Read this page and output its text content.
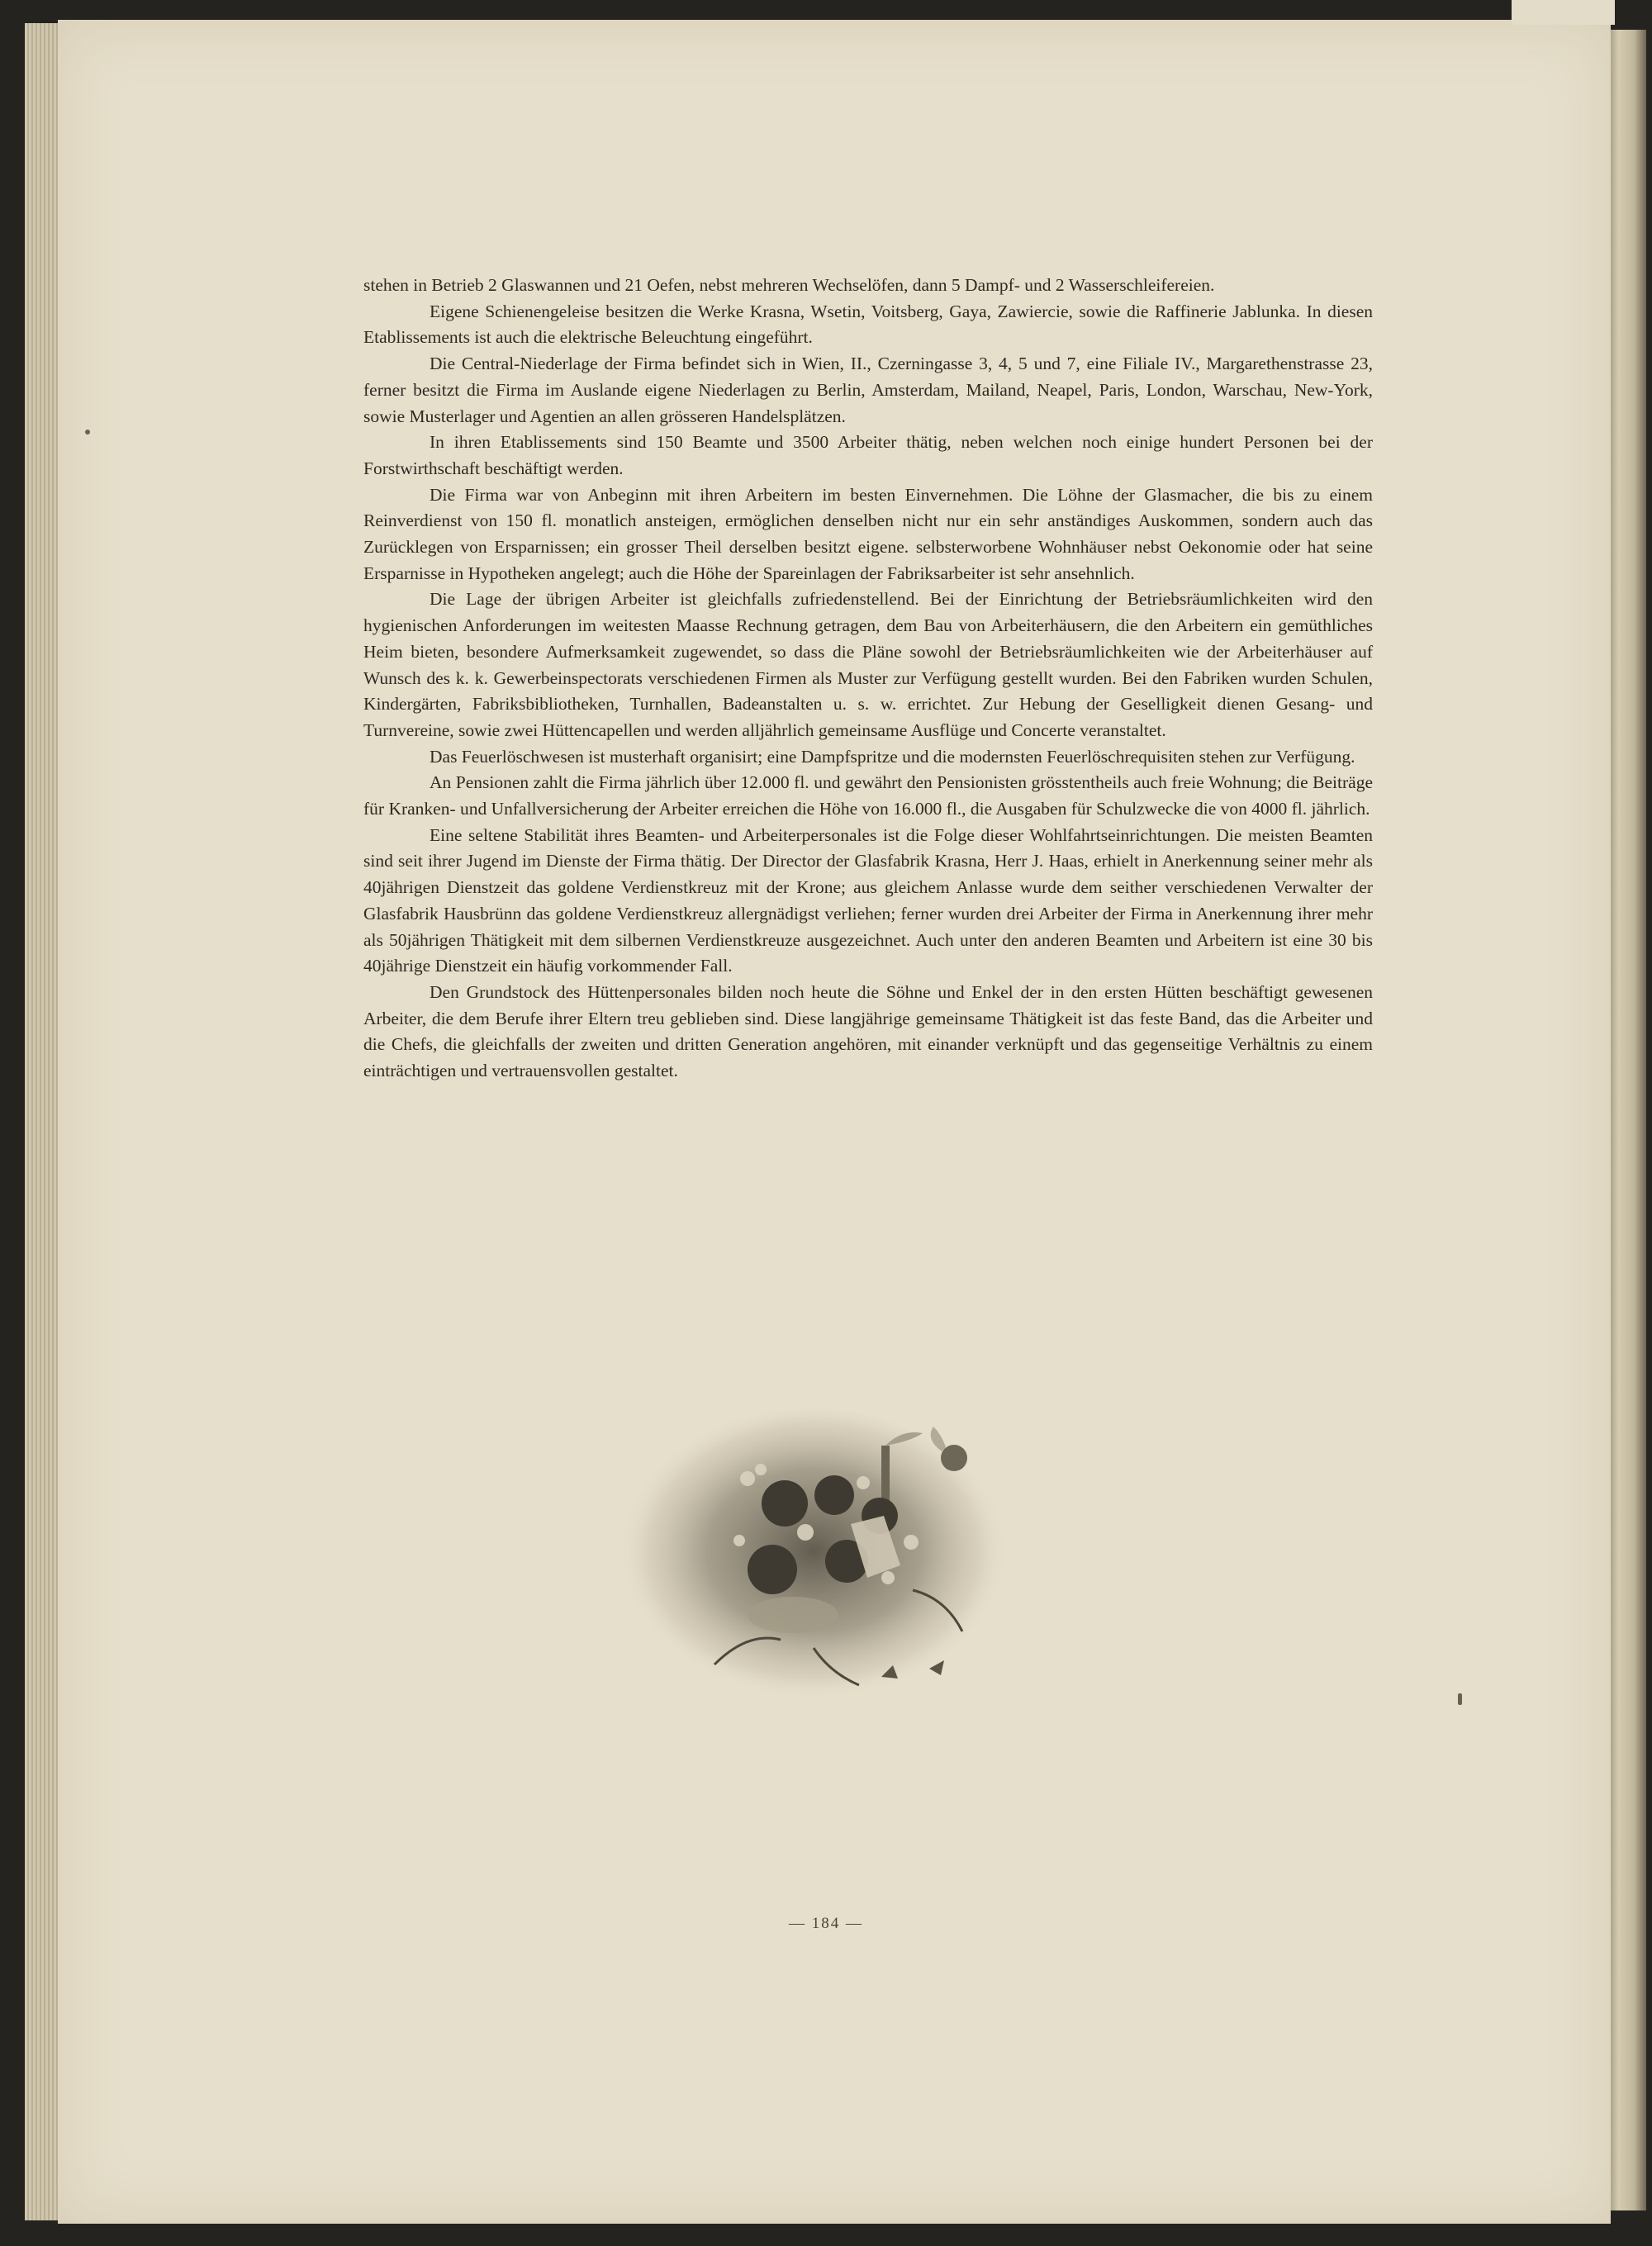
stehen in Betrieb 2 Glaswannen und 21 Oefen, nebst mehreren Wechselöfen, dann 5 Dampf- und 2 Wasserschleifereien.

Eigene Schienengeleise besitzen die Werke Krasna, Wsetin, Voitsberg, Gaya, Zawiercie, sowie die Raffinerie Jablunka. In diesen Etablissements ist auch die elektrische Beleuchtung eingeführt.

Die Central-Niederlage der Firma befindet sich in Wien, II., Czerningasse 3, 4, 5 und 7, eine Filiale IV., Margarethenstrasse 23, ferner besitzt die Firma im Auslande eigene Niederlagen zu Berlin, Amsterdam, Mailand, Neapel, Paris, London, Warschau, New-York, sowie Musterlager und Agentien an allen grösseren Handelsplätzen.

In ihren Etablissements sind 150 Beamte und 3500 Arbeiter thätig, neben welchen noch einige hundert Personen bei der Forstwirthschaft beschäftigt werden.

Die Firma war von Anbeginn mit ihren Arbeitern im besten Einvernehmen. Die Löhne der Glasmacher, die bis zu einem Reinverdienst von 150 fl. monatlich ansteigen, ermöglichen denselben nicht nur ein sehr anständiges Auskommen, sondern auch das Zurücklegen von Ersparnissen; ein grosser Theil derselben besitzt eigene. selbsterworbene Wohnhäuser nebst Oekonomie oder hat seine Ersparnisse in Hypotheken angelegt; auch die Höhe der Spareinlagen der Fabriksarbeiter ist sehr ansehnlich.

Die Lage der übrigen Arbeiter ist gleichfalls zufriedenstellend. Bei der Einrichtung der Betriebsräumlichkeiten wird den hygienischen Anforderungen im weitesten Maasse Rechnung getragen, dem Bau von Arbeiterhäusern, die den Arbeitern ein gemüthliches Heim bieten, besondere Aufmerksamkeit zugewendet, so dass die Pläne sowohl der Betriebsräumlichkeiten wie der Arbeiterhäuser auf Wunsch des k. k. Gewerbeinspectorats verschiedenen Firmen als Muster zur Verfügung gestellt wurden. Bei den Fabriken wurden Schulen, Kindergärten, Fabriksbibliotheken, Turnhallen, Badeanstalten u. s. w. errichtet. Zur Hebung der Geselligkeit dienen Gesang- und Turnvereine, sowie zwei Hüttencapellen und werden alljährlich gemeinsame Ausflüge und Concerte veranstaltet.

Das Feuerlöschwesen ist musterhaft organisirt; eine Dampfspritze und die modernsten Feuerlöschrequisiten stehen zur Verfügung.

An Pensionen zahlt die Firma jährlich über 12.000 fl. und gewährt den Pensionisten grösstentheils auch freie Wohnung; die Beiträge für Kranken- und Unfallversicherung der Arbeiter erreichen die Höhe von 16.000 fl., die Ausgaben für Schulzwecke die von 4000 fl. jährlich.

Eine seltene Stabilität ihres Beamten- und Arbeiterpersonales ist die Folge dieser Wohlfahrtseinrichtungen. Die meisten Beamten sind seit ihrer Jugend im Dienste der Firma thätig. Der Director der Glasfabrik Krasna, Herr J. Haas, erhielt in Anerkennung seiner mehr als 40jährigen Dienstzeit das goldene Verdienstkreuz mit der Krone; aus gleichem Anlasse wurde dem seither verschiedenen Verwalter der Glasfabrik Hausbrünn das goldene Verdienstkreuz allergnädigst verliehen; ferner wurden drei Arbeiter der Firma in Anerkennung ihrer mehr als 50jährigen Thätigkeit mit dem silbernen Verdienstkreuze ausgezeichnet. Auch unter den anderen Beamten und Arbeitern ist eine 30 bis 40jährige Dienstzeit ein häufig vorkommender Fall.

Den Grundstock des Hüttenpersonales bilden noch heute die Söhne und Enkel der in den ersten Hütten beschäftigt gewesenen Arbeiter, die dem Berufe ihrer Eltern treu geblieben sind. Diese langjährige gemeinsame Thätigkeit ist das feste Band, das die Arbeiter und die Chefs, die gleichfalls der zweiten und dritten Generation angehören, mit einander verknüpft und das gegenseitige Verhältnis zu einem einträchtigen und vertrauensvollen gestaltet.

— 184 —
